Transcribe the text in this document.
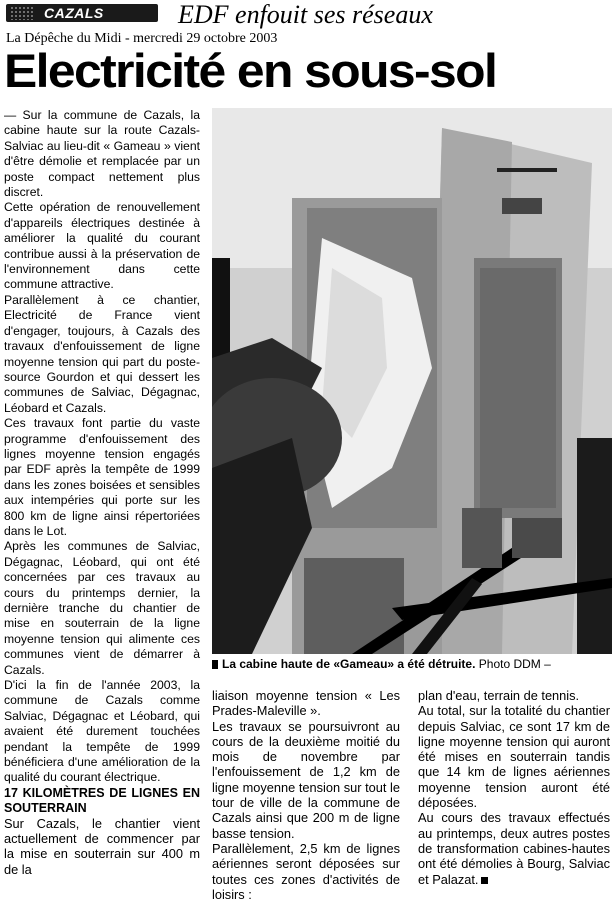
CAZALS	EDF enfouit ses réseaux
La Dépêche du Midi - mercredi 29 octobre 2003
Electricité en sous-sol

— Sur la commune de Cazals, la cabine haute sur la route Cazals-Salviac au lieu-dit « Gameau » vient d'être démolie et remplacée par un poste compact nettement plus discret.

Cette opération de renouvellement d'appareils électriques destinée à améliorer la qualité du courant contribue aussi à la préservation de l'environnement dans cette commune attractive.

Parallèlement à ce chantier, Electricité de France vient d'engager, toujours, à Cazals des travaux d'enfouissement de ligne moyenne tension qui part du poste-source Gourdon et qui dessert les communes de Salviac, Dégagnac, Léobard et Cazals.

Ces travaux font partie du vaste programme d'enfouissement des lignes moyenne tension engagés par EDF après la tempête de 1999 dans les zones boisées et sensibles aux intempéries qui porte sur les 800 km de ligne ainsi répertoriées dans le Lot.

Après les communes de Salviac, Dégagnac, Léobard, qui ont été concernées par ces travaux au cours du printemps dernier, la dernière tranche du chantier de mise en souterrain de la ligne moyenne tension qui alimente ces communes vient de démarrer à Cazals.

D'ici la fin de l'année 2003, la commune de Cazals comme Salviac, Dégagnac et Léobard, qui avaient été durement touchées pendant la tempête de 1999 bénéficiera d'une amélioration de la qualité du courant électrique.

17 KILOMÈTRES DE LIGNES EN SOUTERRAIN

Sur Cazals, le chantier vient actuellement de commencer par la mise en souterrain sur 400 m de la

La cabine haute de «Gameau» a été détruite. Photo DDM –

liaison moyenne tension « Les Prades-Maleville ».

Les travaux se poursuivront au cours de la deuxième moitié du mois de novembre par l'enfouissement de 1,2 km de ligne moyenne tension sur tout le tour de ville de la commune de Cazals ainsi que 200 m de ligne basse tension.

Parallèlement, 2,5 km de lignes aériennes seront déposées sur toutes ces zones d'activités de loisirs :

plan d'eau, terrain de tennis.

Au total, sur la totalité du chantier depuis Salviac, ce sont 17 km de ligne moyenne tension qui auront été mises en souterrain tandis que 14 km de lignes aériennes moyenne tension auront été déposées.

Au cours des travaux effectués au printemps, deux autres postes de transformation cabines-hautes ont été démolies à Bourg, Salviac et Palazat.
